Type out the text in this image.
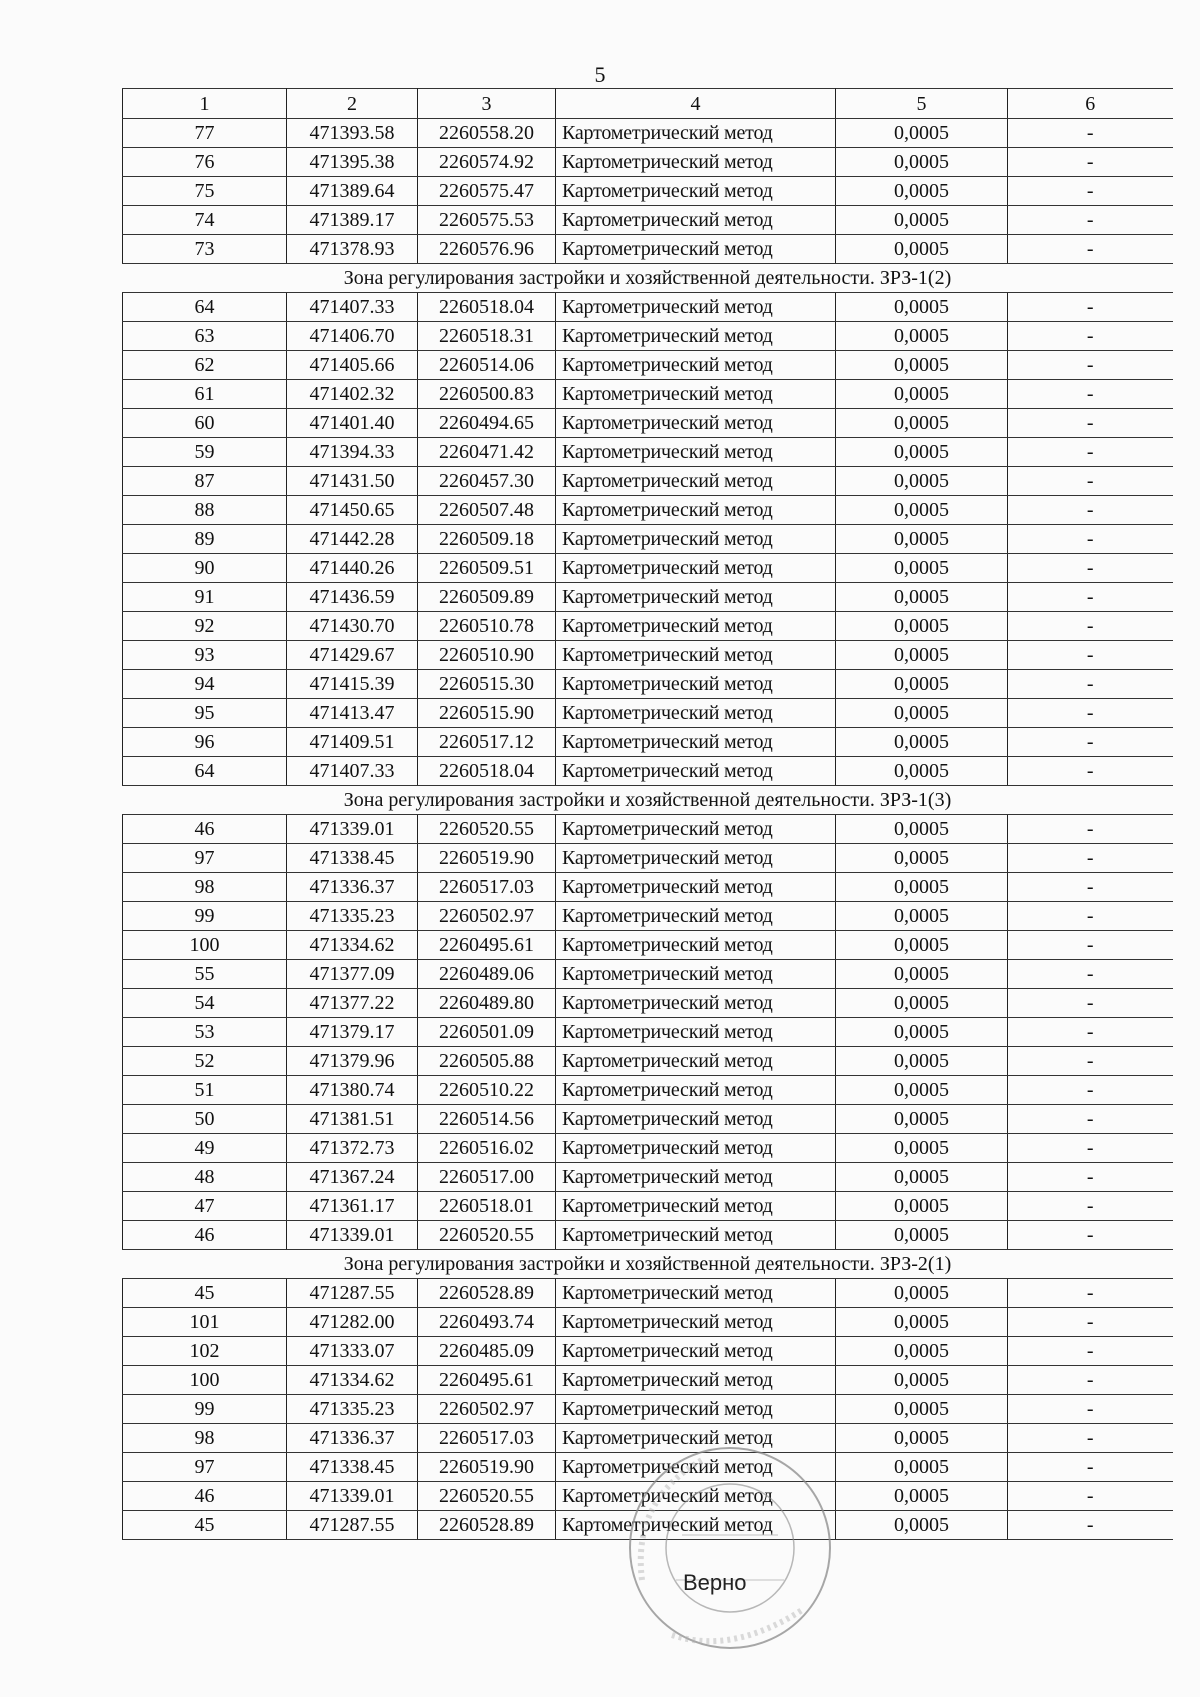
5
1	2	3	4	5	6
77	471393.58	2260558.20	Картометрический метод	0,0005	-
76	471395.38	2260574.92	Картометрический метод	0,0005	-
75	471389.64	2260575.47	Картометрический метод	0,0005	-
74	471389.17	2260575.53	Картометрический метод	0,0005	-
73	471378.93	2260576.96	Картометрический метод	0,0005	-
Зона регулирования застройки и хозяйственной деятельности. ЗРЗ-1(2)					
64	471407.33	2260518.04	Картометрический метод	0,0005	-
63	471406.70	2260518.31	Картометрический метод	0,0005	-
62	471405.66	2260514.06	Картометрический метод	0,0005	-
61	471402.32	2260500.83	Картометрический метод	0,0005	-
60	471401.40	2260494.65	Картометрический метод	0,0005	-
59	471394.33	2260471.42	Картометрический метод	0,0005	-
87	471431.50	2260457.30	Картометрический метод	0,0005	-
88	471450.65	2260507.48	Картометрический метод	0,0005	-
89	471442.28	2260509.18	Картометрический метод	0,0005	-
90	471440.26	2260509.51	Картометрический метод	0,0005	-
91	471436.59	2260509.89	Картометрический метод	0,0005	-
92	471430.70	2260510.78	Картометрический метод	0,0005	-
93	471429.67	2260510.90	Картометрический метод	0,0005	-
94	471415.39	2260515.30	Картометрический метод	0,0005	-
95	471413.47	2260515.90	Картометрический метод	0,0005	-
96	471409.51	2260517.12	Картометрический метод	0,0005	-
64	471407.33	2260518.04	Картометрический метод	0,0005	-
Зона регулирования застройки и хозяйственной деятельности. ЗРЗ-1(3)					
46	471339.01	2260520.55	Картометрический метод	0,0005	-
97	471338.45	2260519.90	Картометрический метод	0,0005	-
98	471336.37	2260517.03	Картометрический метод	0,0005	-
99	471335.23	2260502.97	Картометрический метод	0,0005	-
100	471334.62	2260495.61	Картометрический метод	0,0005	-
55	471377.09	2260489.06	Картометрический метод	0,0005	-
54	471377.22	2260489.80	Картометрический метод	0,0005	-
53	471379.17	2260501.09	Картометрический метод	0,0005	-
52	471379.96	2260505.88	Картометрический метод	0,0005	-
51	471380.74	2260510.22	Картометрический метод	0,0005	-
50	471381.51	2260514.56	Картометрический метод	0,0005	-
49	471372.73	2260516.02	Картометрический метод	0,0005	-
48	471367.24	2260517.00	Картометрический метод	0,0005	-
47	471361.17	2260518.01	Картометрический метод	0,0005	-
46	471339.01	2260520.55	Картометрический метод	0,0005	-
Зона регулирования застройки и хозяйственной деятельности. ЗРЗ-2(1)					
45	471287.55	2260528.89	Картометрический метод	0,0005	-
101	471282.00	2260493.74	Картометрический метод	0,0005	-
102	471333.07	2260485.09	Картометрический метод	0,0005	-
100	471334.62	2260495.61	Картометрический метод	0,0005	-
99	471335.23	2260502.97	Картометрический метод	0,0005	-
98	471336.37	2260517.03	Картометрический метод	0,0005	-
97	471338.45	2260519.90	Картометрический метод	0,0005	-
46	471339.01	2260520.55	Картометрический метод	0,0005	-
45	471287.55	2260528.89	Картометрический метод	0,0005	-
Верно
